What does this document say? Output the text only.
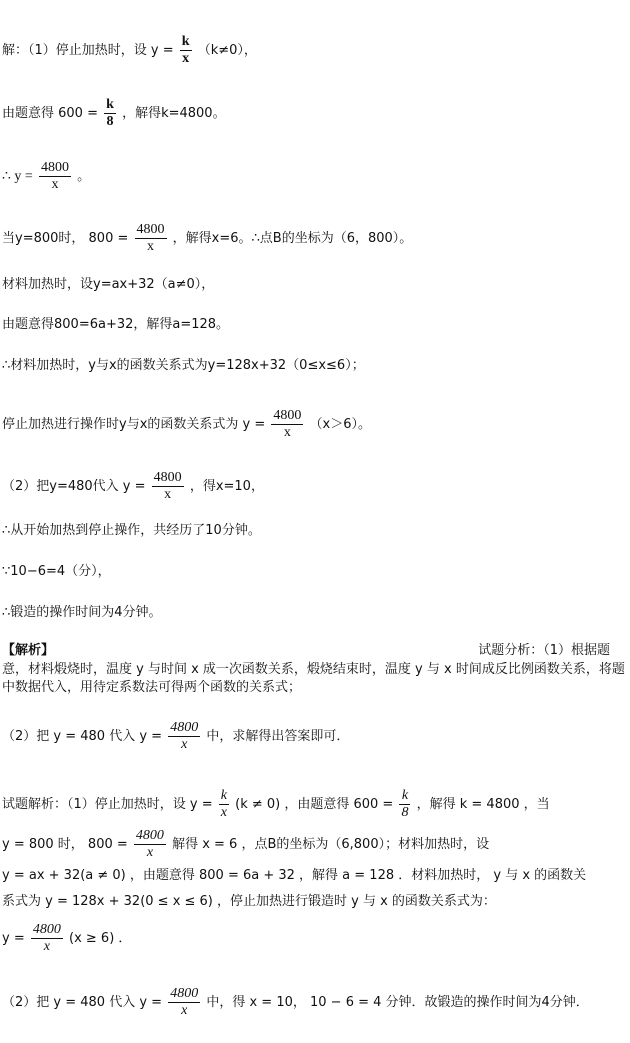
解：（1）停止加热时，设 $y = \frac{k}{x} (k\ne 0)$，
由题意得 $600 = \frac{k}{8}$ ，解得k=4800。
∴ $y = \frac{4800}{x}$ 。
当y=800时， $800 = \frac{4800}{x}$ ，解得x=6。∴点B的坐标为（6，800）。
材料加热时，设y=ax+32（a≠0），
由题意得800=6a+32，解得a=128。
∴材料加热时，y与x的函数关系式为y=128x+32（0≤x≤6）；
停止加热进行操作时y与x的函数关系式为 $y = \frac{4800}{x} (x>6)$。
（2）把y=480代入 $y = \frac{4800}{x}$ ，得x=10，
∴从开始加热到停止操作，共经历了10分钟。
∵10−6=4（分），
∴锻造的操作时间为4分钟。
【解析】	试题分析：（1）根据题
意，材料煅烧时，温度 y 与时间 x 成一次函数关系，煅烧结束时，温度 y 与 x 时间成反比例函数关系，将题中数据代入，用待定系数法可得两个函数的关系式；
（2）把 y = 480 代入 $y = \frac{4800}{x}$ 中，求解得出答案即可．
试题解析：（1）停止加热时，设 $y = \frac{k}{x} (k \ne 0)$ ，由题意得 $600 = \frac{k}{8}$ ，解得 k = 4800 ，当
y = 800 时， $800 = \frac{4800}{x}$ 解得 x = 6 ，点B的坐标为（6,800）；材料加热时，设
y = ax + 32(a ≠ 0) ，由题意得 800 = 6a + 32 ，解得 a = 128 ．材料加热时， y 与 x 的函数关
系式为 y = 128x + 32(0 ≤ x ≤ 6) ，停止加热进行锻造时 y 与 x 的函数关系式为：
$y = \frac{4800}{x} (x \ge 6)$ ．
（2）把 y = 480 代入 $y = \frac{4800}{x}$ 中，得 x = 10， 10 − 6 = 4 分钟．故锻造的操作时间为4分钟．
